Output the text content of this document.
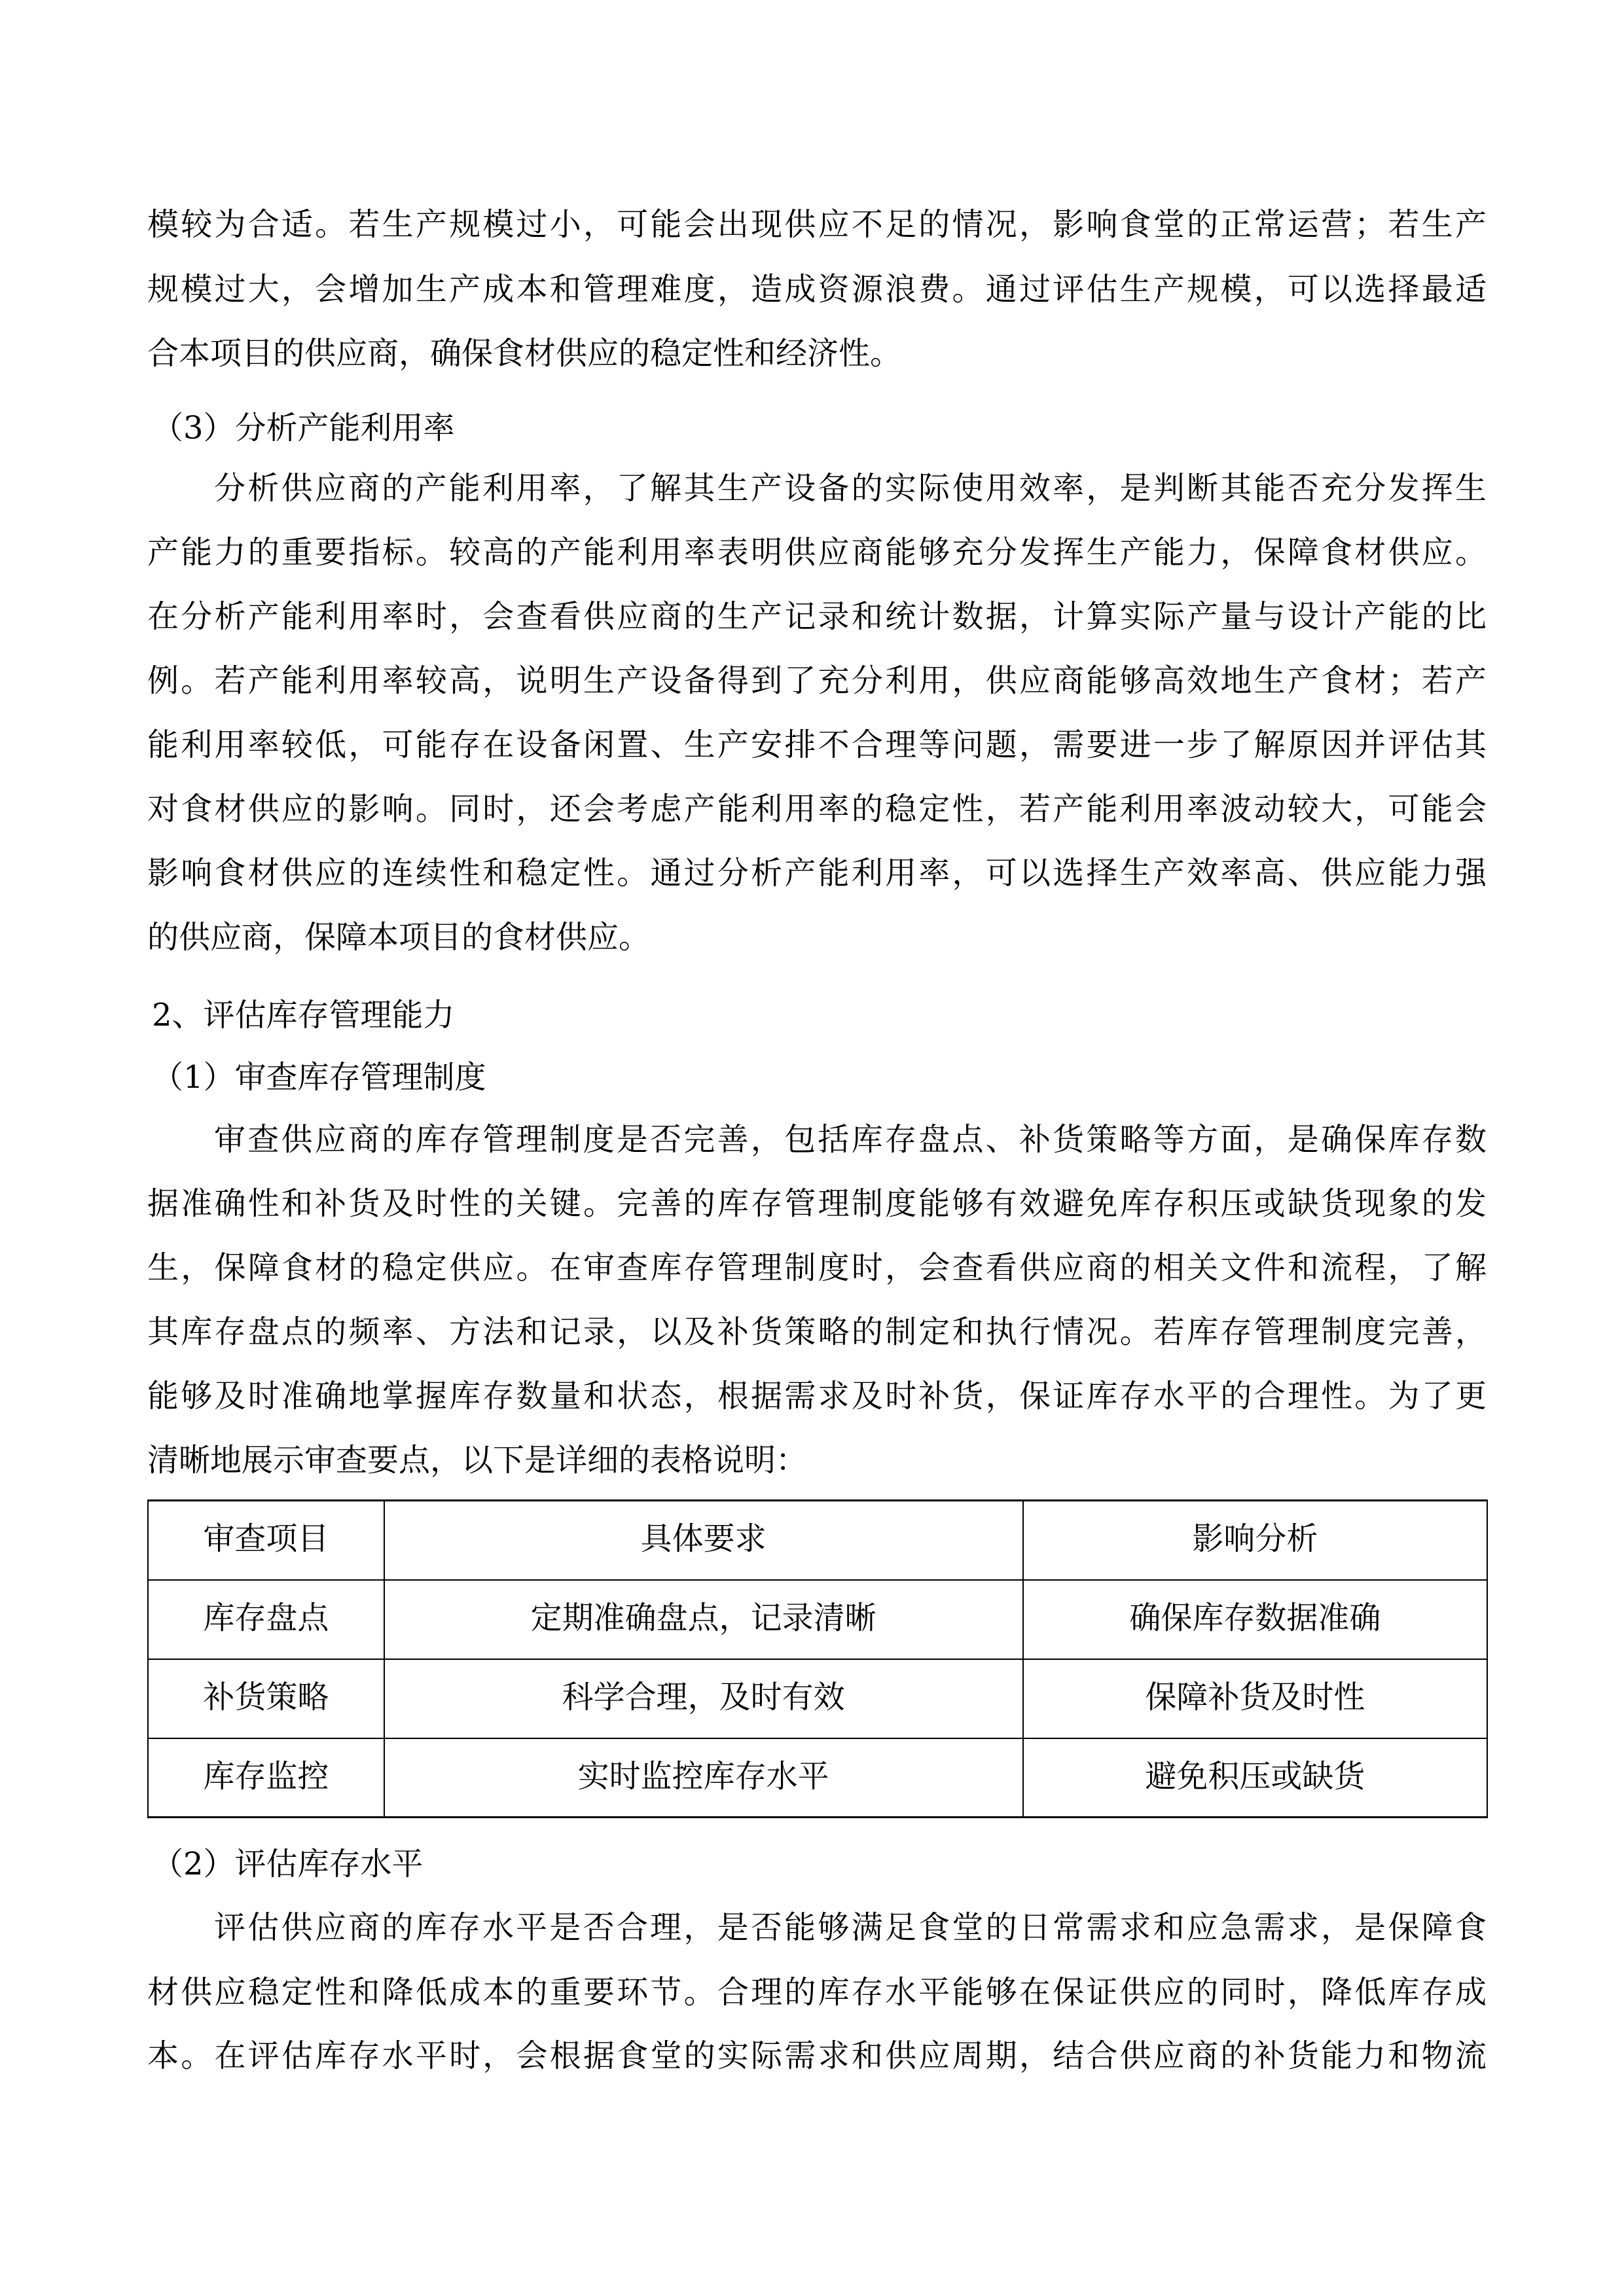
审查项目	具体要求	影响分析
库存盘点	定期准确盘点，记录清晰	确保库存数据准确
补货策略	科学合理，及时有效	保障补货及时性
库存监控	实时监控库存水平	避免积压或缺货
模较为合适。若生产规模过小，可能会出现供应不足的情况，影响食堂的正常运营；若生产
规模过大，会增加生产成本和管理难度，造成资源浪费。通过评估生产规模，可以选择最适
合本项目的供应商，确保食材供应的稳定性和经济性。
（3）分析产能利用率
分析供应商的产能利用率，了解其生产设备的实际使用效率，是判断其能否充分发挥生
产能力的重要指标。较高的产能利用率表明供应商能够充分发挥生产能力，保障食材供应。
在分析产能利用率时，会查看供应商的生产记录和统计数据，计算实际产量与设计产能的比
例。若产能利用率较高，说明生产设备得到了充分利用，供应商能够高效地生产食材；若产
能利用率较低，可能存在设备闲置、生产安排不合理等问题，需要进一步了解原因并评估其
对食材供应的影响。同时，还会考虑产能利用率的稳定性，若产能利用率波动较大，可能会
影响食材供应的连续性和稳定性。通过分析产能利用率，可以选择生产效率高、供应能力强
的供应商，保障本项目的食材供应。
2、评估库存管理能力
（1）审查库存管理制度
审查供应商的库存管理制度是否完善，包括库存盘点、补货策略等方面，是确保库存数
据准确性和补货及时性的关键。完善的库存管理制度能够有效避免库存积压或缺货现象的发
生，保障食材的稳定供应。在审查库存管理制度时，会查看供应商的相关文件和流程，了解
其库存盘点的频率、方法和记录，以及补货策略的制定和执行情况。若库存管理制度完善，
能够及时准确地掌握库存数量和状态，根据需求及时补货，保证库存水平的合理性。为了更
清晰地展示审查要点，以下是详细的表格说明：
（2）评估库存水平
评估供应商的库存水平是否合理，是否能够满足食堂的日常需求和应急需求，是保障食
材供应稳定性和降低成本的重要环节。合理的库存水平能够在保证供应的同时，降低库存成
本。在评估库存水平时，会根据食堂的实际需求和供应周期，结合供应商的补货能力和物流
